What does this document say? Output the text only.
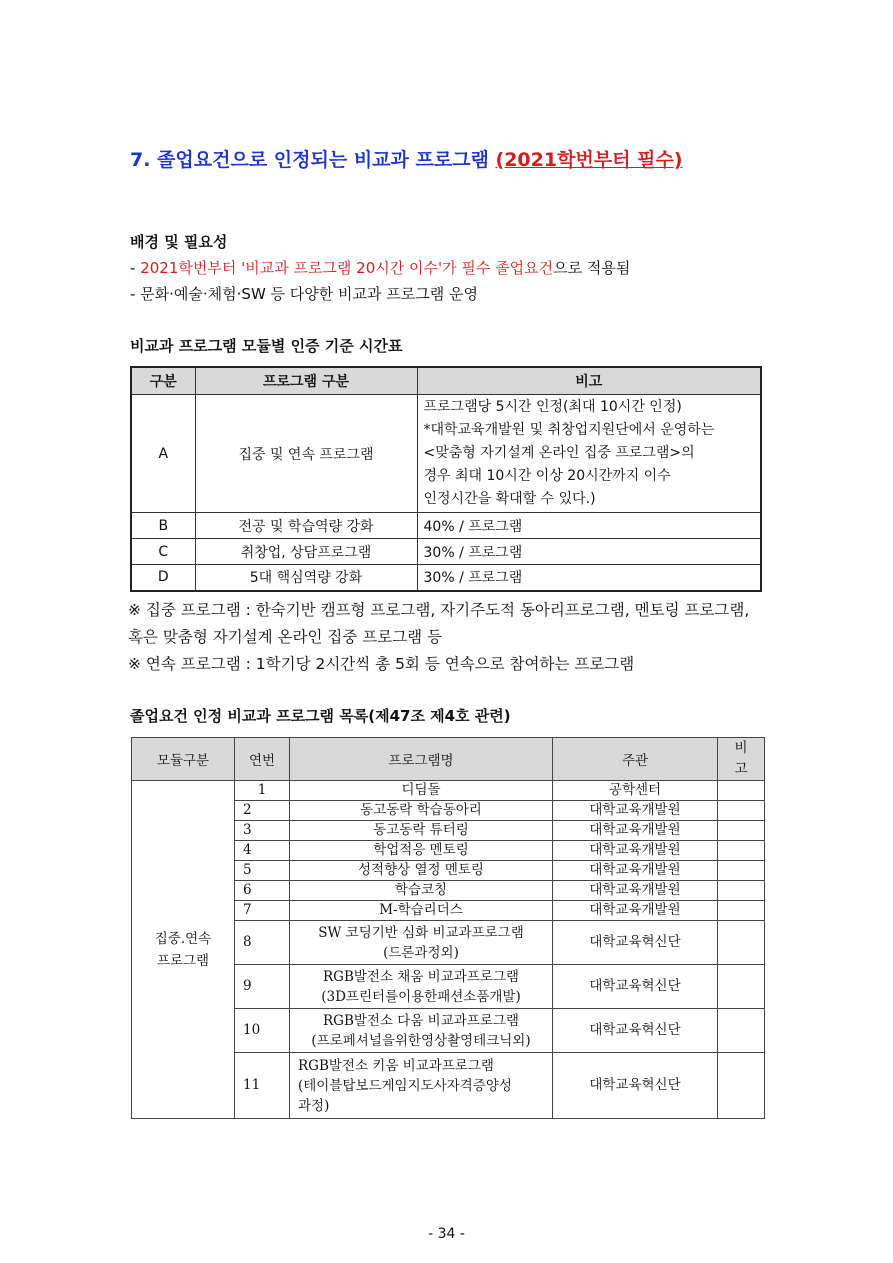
7. 졸업요건으로 인정되는 비교과 프로그램 (2021학번부터 필수)
배경 및 필요성
- 2021학번부터 '비교과 프로그램 20시간 이수'가 필수 졸업요건으로 적용됨
- 문화·예술·체험·SW 등 다양한 비교과 프로그램 운영
비교과 프로그램 모듈별 인증 기준 시간표
구분	프로그램 구분	비고
A	집중 및 연속 프로그램	프로그램당 5시간 인정(최대 10시간 인정)
*대학교육개발원 및 취창업지원단에서 운영하는
<맞춤형 자기설계 온라인 집중 프로그램>의
경우 최대 10시간 이상 20시간까지 이수
인정시간을 확대할 수 있다.)

B	전공 및 학습역량 강화	40% / 프로그램
C	취창업, 상담프로그램	30% / 프로그램
D	5대 핵심역량 강화	30% / 프로그램
※ 집중 프로그램 : 한숙기반 캠프형 프로그램, 자기주도적 동아리프로그램, 멘토링 프로그램, 혹은 맞춤형 자기설계 온라인 집중 프로그램 등
※ 연속 프로그램 : 1학기당 2시간씩 총 5회 등 연속으로 참여하는 프로그램
졸업요건 인정 비교과 프로그램 목록(제47조 제4호 관련)
모듈구분	연번	프로그램명	주관	비
고

집중.연속
프로그램	1	디딤돌	공학센터	
	2	동고동락 학습동아리	대학교육개발원	
	3	동고동락 튜터링	대학교육개발원	
	4	학업적응 멘토링	대학교육개발원	
	5	성적향상 열정 멘토링	대학교육개발원	
	6	학습코칭	대학교육개발원	
	7	M-학습리더스	대학교육개발원	
	8	SW 코딩기반 심화 비교과프로그램
(드론과정외)	대학교육혁신단	
	9	RGB발전소 채움 비교과프로그램
(3D프린터를이용한패션소품개발)	대학교육혁신단	
	10	RGB발전소 다움 비교과프로그램
(프로페셔널을위한영상촬영테크닉외)	대학교육혁신단	
	11	RGB발전소 키움 비교과프로그램
(테이블탑보드게임지도사자격증양성
과정)	대학교육혁신단	
- 34 -
